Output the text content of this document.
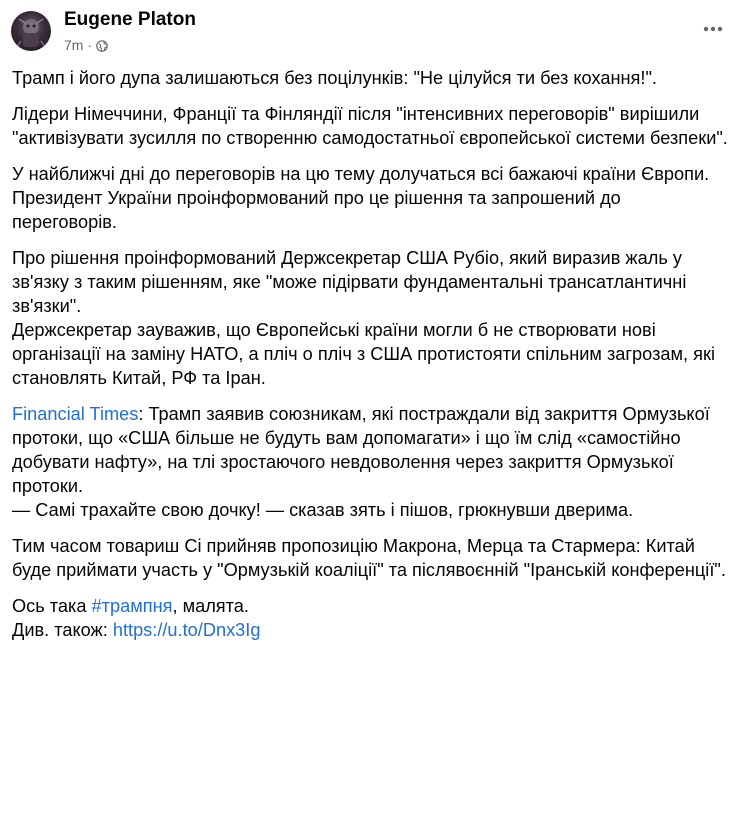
Eugene Platon
7m ·

Трамп і його дупа залишаються без поцілунків: "Не цілуйся ти без кохання!".

Лідери Німеччини, Франції та Фінляндії після "інтенсивних переговорів" вирішили "активізувати зусилля по створенню самодостатньої європейської системи безпеки".

У найближчі дні до переговорів на цю тему долучаться всі бажаючі країни Європи.
Президент України проінформований про це рішення та запрошений до переговорів.

Про рішення проінформований Держсекретар США Рубіо, який виразив жаль у зв'язку з таким рішенням, яке "може підірвати фундаментальні трансатлантичні зв'язки".
Держсекретар зауважив, що Європейські країни могли б не створювати нові організації на заміну НАТО, а пліч о пліч з США протистояти спільним загрозам, які становлять Китай, РФ та Іран.

Financial Times: Трамп заявив союзникам, які постраждали від закриття Ормузької протоки, що «США більше не будуть вам допомагати» і що їм слід «самостійно добувати нафту», на тлі зростаючого невдоволення через закриття Ормузької протоки.
— Самі трахайте свою дочку! — сказав зять і пішов, грюкнувши дверима.

Тим часом товариш Сі прийняв пропозицію Макрона, Мерца та Стармера: Китай буде приймати участь у "Ормузькій коаліції" та післявоєнній "Іранській конференції".

Ось така #трампня, малята.
Див. також: https://u.to/Dnx3Ig
